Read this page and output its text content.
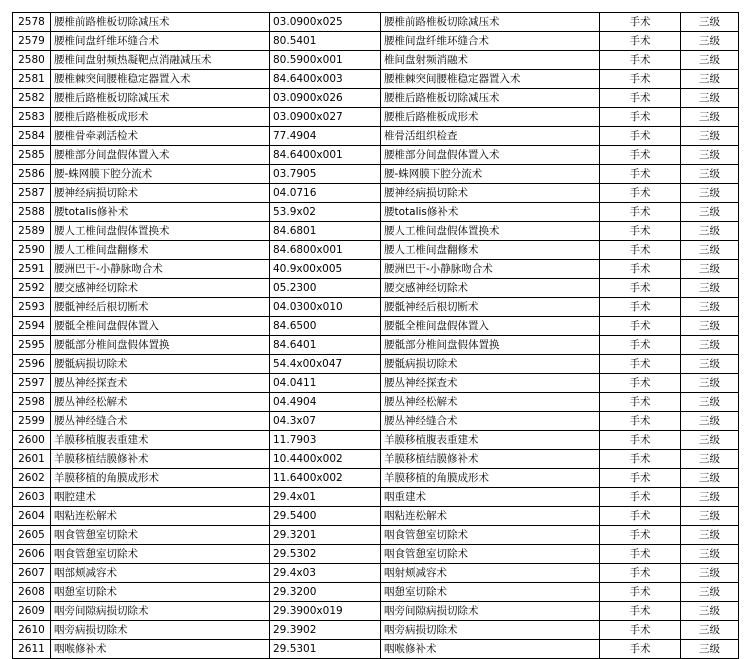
2578	腰椎前路椎板切除减压术	03.0900x025	腰椎前路椎板切除减压术	手术	三级
2579	腰椎间盘纤维环缝合术	80.5401	腰椎间盘纤维环缝合术	手术	三级
2580	腰椎间盘射频热凝靶点消融减压术	80.5900x001	椎间盘射频消融术	手术	三级
2581	腰椎棘突间腰椎稳定器置入术	84.6400x003	腰椎棘突间腰椎稳定器置入术	手术	三级
2582	腰椎后路椎板切除减压术	03.0900x026	腰椎后路椎板切除减压术	手术	三级
2583	腰椎后路椎板成形术	03.0900x027	腰椎后路椎板成形术	手术	三级
2584	腰椎骨牵剥活检术	77.4904	椎骨活组织检查	手术	三级
2585	腰椎部分间盘假体置入术	84.6400x001	腰椎部分间盘假体置入术	手术	三级
2586	腰-蛛网膜下腔分流术	03.7905	腰-蛛网膜下腔分流术	手术	三级
2587	腰神经病损切除术	04.0716	腰神经病损切除术	手术	三级
2588	腰totalis修补术	53.9x02	腰totalis修补术	手术	三级
2589	腰人工椎间盘假体置换术	84.6801	腰人工椎间盘假体置换术	手术	三级
2590	腰人工椎间盘翻修术	84.6800x001	腰人工椎间盘翻修术	手术	三级
2591	腰洲巴干-小静脉吻合术	40.9x00x005	腰洲巴干-小静脉吻合术	手术	三级
2592	腰交感神经切除术	05.2300	腰交感神经切除术	手术	三级
2593	腰骶神经后根切断术	04.0300x010	腰骶神经后根切断术	手术	三级
2594	腰骶全椎间盘假体置入	84.6500	腰骶全椎间盘假体置入	手术	三级
2595	腰骶部分椎间盘假体置换	84.6401	腰骶部分椎间盘假体置换	手术	三级
2596	腰骶病损切除术	54.4x00x047	腰骶病损切除术	手术	三级
2597	腰丛神经探查术	04.0411	腰丛神经探查术	手术	三级
2598	腰丛神经松解术	04.4904	腰丛神经松解术	手术	三级
2599	腰丛神经缝合术	04.3x07	腰丛神经缝合术	手术	三级
2600	羊膜移植腹表重建术	11.7903	羊膜移植腹表重建术	手术	三级
2601	羊膜移植结膜修补术	10.4400x002	羊膜移植结膜修补术	手术	三级
2602	羊膜移植的角膜成形术	11.6400x002	羊膜移植的角膜成形术	手术	三级
2603	咽腔建术	29.4x01	咽重建术	手术	三级
2604	咽粘连松解术	29.5400	咽粘连松解术	手术	三级
2605	咽食管憩室切除术	29.3201	咽食管憩室切除术	手术	三级
2606	咽食管憩室切除术	29.5302	咽食管憩室切除术	手术	三级
2607	咽部颊减容术	29.4x03	咽射颊减容术	手术	三级
2608	咽憩室切除术	29.3200	咽憩室切除术	手术	三级
2609	咽旁间隙病损切除术	29.3900x019	咽旁间隙病损切除术	手术	三级
2610	咽旁病损切除术	29.3902	咽旁病损切除术	手术	三级
2611	咽喉修补术	29.5301	咽喉修补术	手术	三级
